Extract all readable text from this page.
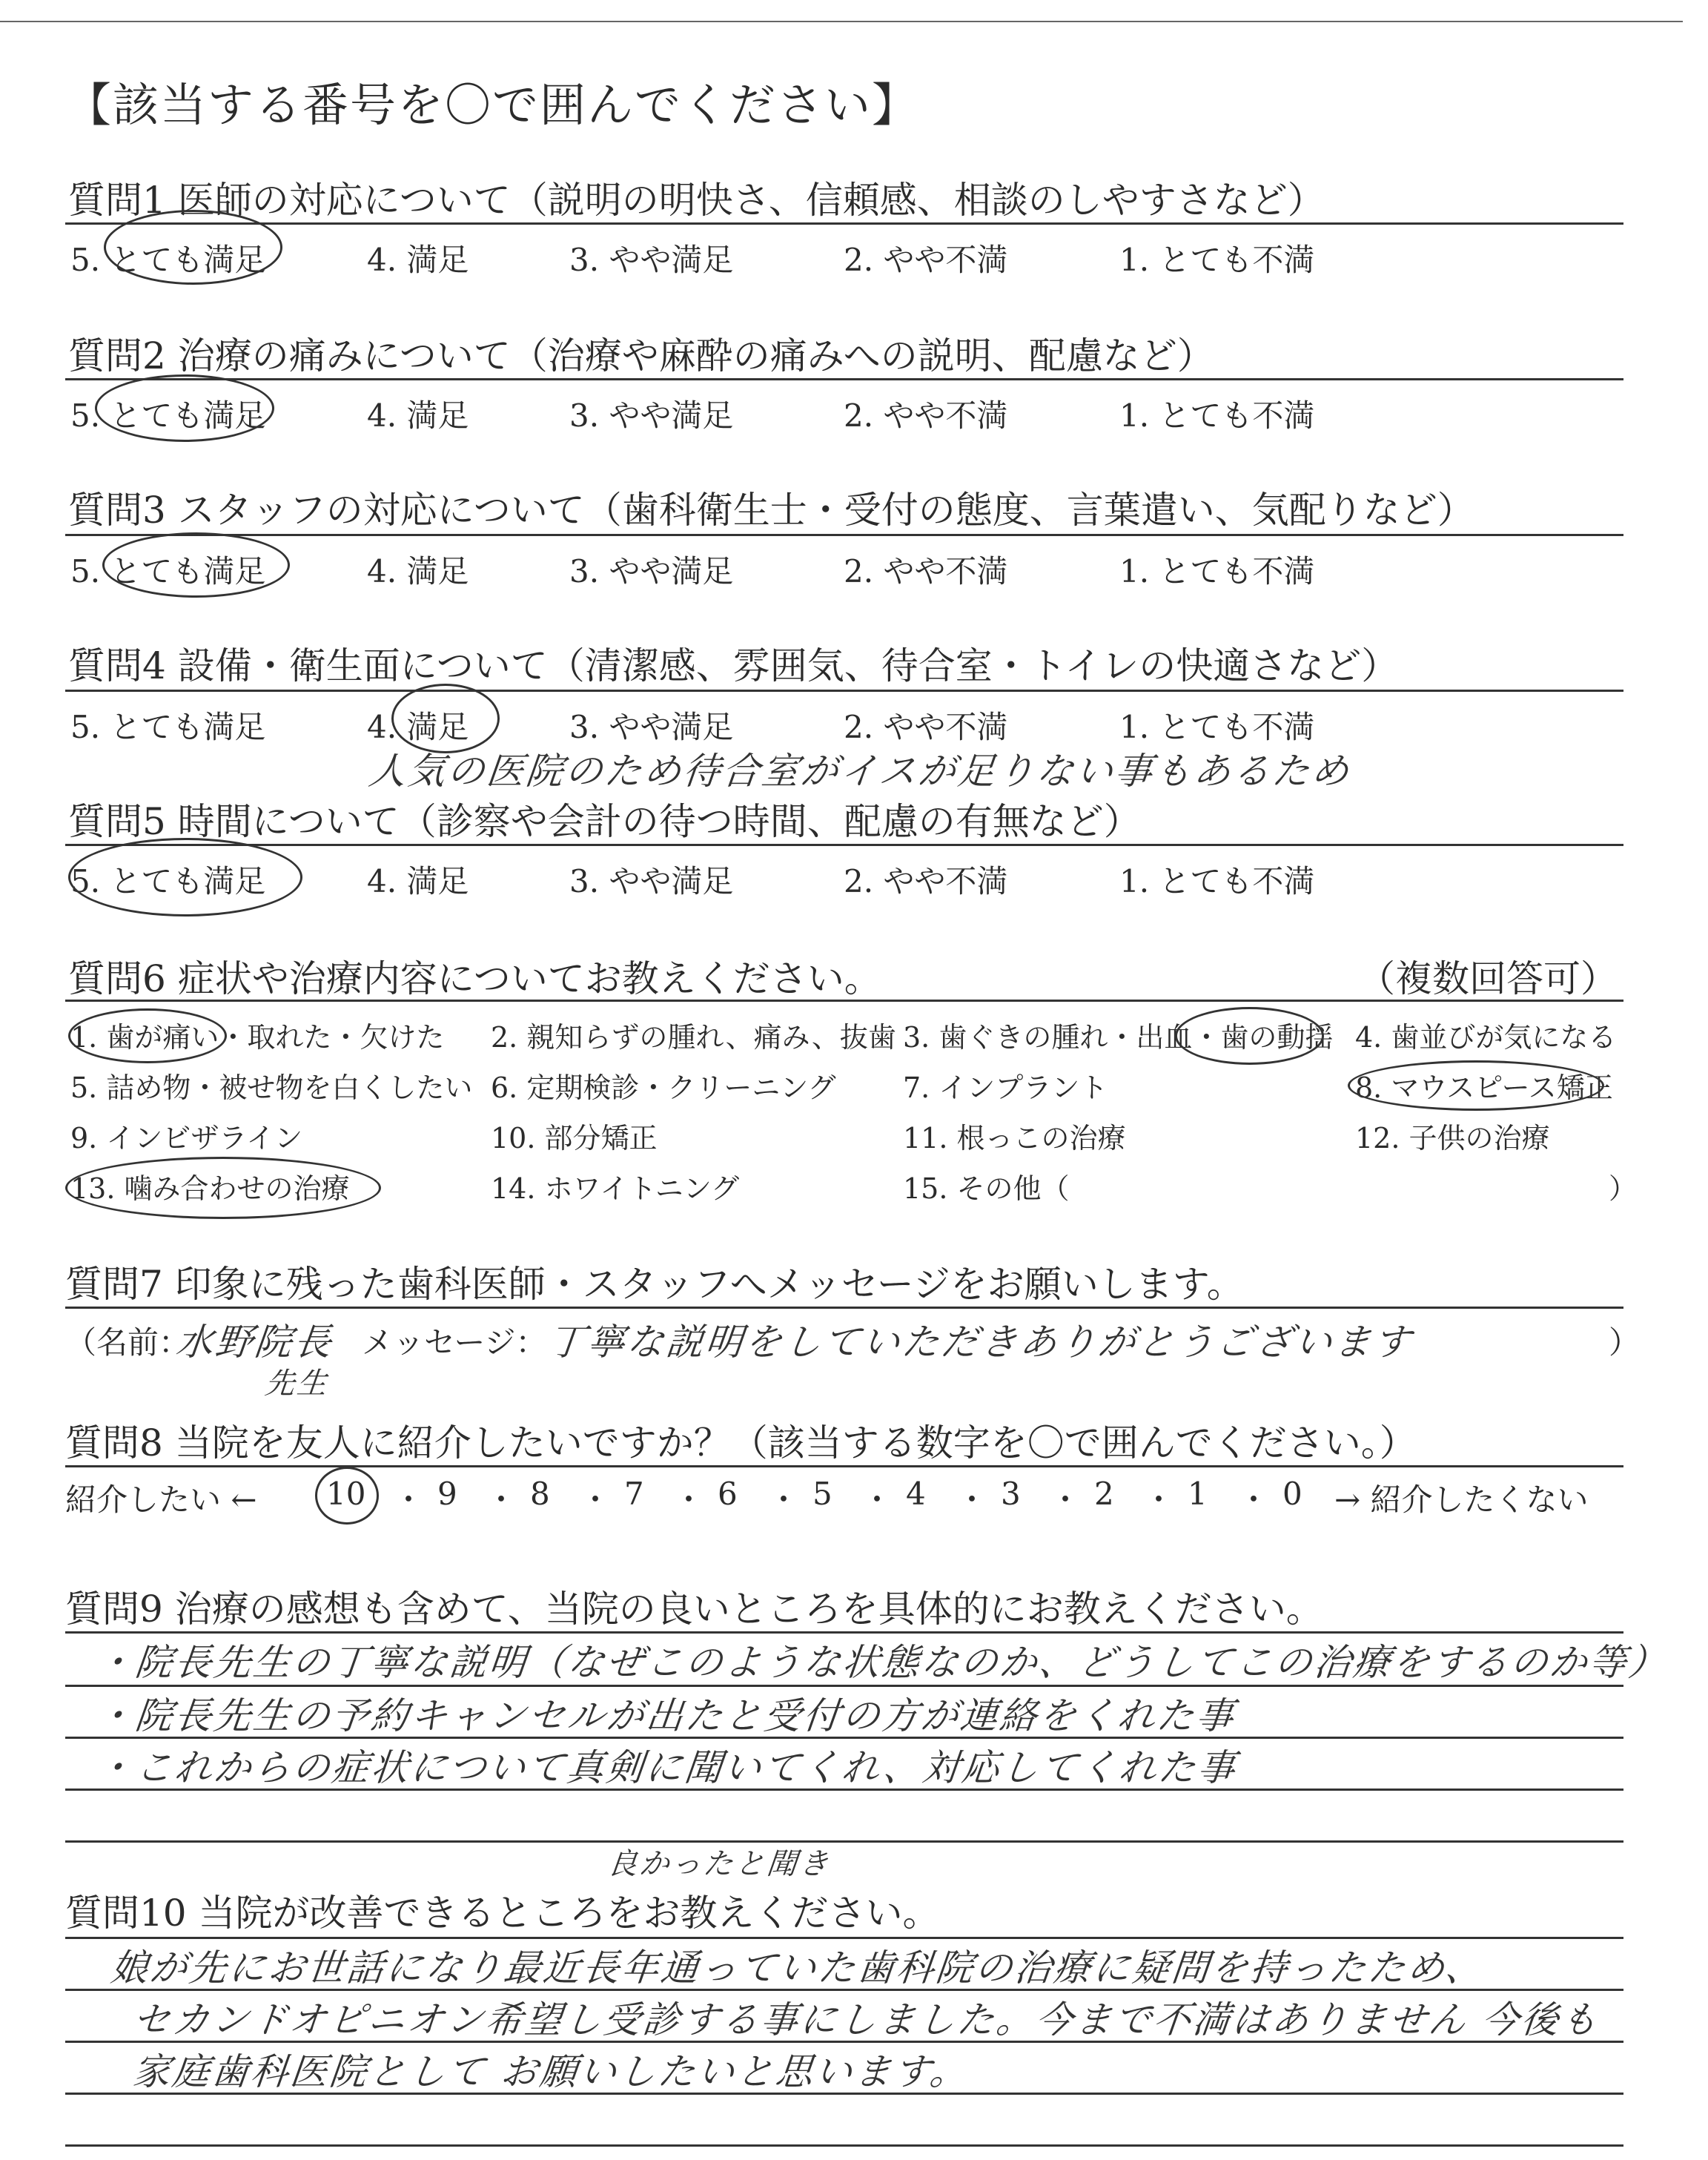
【該当する番号を〇で囲んでください】
質問1 医師の対応について（説明の明快さ、信頼感、相談のしやすさなど）
5. とても満足	4. 満足	3. やや満足	2. やや不満	1. とても不満
質問2 治療の痛みについて（治療や麻酔の痛みへの説明、配慮など）
5. とても満足	4. 満足	3. やや満足	2. やや不満	1. とても不満
質問3 スタッフの対応について（歯科衛生士・受付の態度、言葉遣い、気配りなど）
5. とても満足	4. 満足	3. やや満足	2. やや不満	1. とても不満
質問4 設備・衛生面について（清潔感、雰囲気、待合室・トイレの快適さなど）
5. とても満足	4. 満足	3. やや満足	2. やや不満	1. とても不満
人気の医院のため待合室がイスが足りない事もあるため
質問5 時間について（診察や会計の待つ時間、配慮の有無など）
5. とても満足	4. 満足	3. やや満足	2. やや不満	1. とても不満
質問6 症状や治療内容についてお教えください。	（複数回答可）
1. 歯が痛い・取れた・欠けた 2. 親知らずの腫れ、痛み、抜歯 3. 歯ぐきの腫れ・出血・歯の動揺 4. 歯並びが気になる
5. 詰め物・被せ物を白くしたい 6. 定期検診・クリーニング 7. インプラント	8. マウスピース矯正
9. インビザライン	10. 部分矯正	11. 根っこの治療	12. 子供の治療
13. 噛み合わせの治療	14. ホワイトニング	15. その他（	）
質問7 印象に残った歯科医師・スタッフへメッセージをお願いします。
（名前：
水野院長
先生
メッセージ： 丁寧な説明をしていただきありがとうございます	）
質問8 当院を友人に紹介したいですか？（該当する数字を〇で囲んでください。）
紹介したい ← 10 ・ 9 ・ 8 ・ 7 ・ 6 ・ 5 ・ 4 ・ 3 ・ 2 ・ 1 ・ 0 → 紹介したくない
質問9 治療の感想も含めて、当院の良いところを具体的にお教えください。
・院長先生の丁寧な説明（なぜこのような状態なのか、どうしてこの治療をするのか等）
・院長先生の予約キャンセルが出たと受付の方が連絡をくれた事
・これからの症状について真剣に聞いてくれ、対応してくれた事
良かったと聞き
質問10 当院が改善できるところをお教えください。
娘が先にお世話になり最近長年通っていた歯科院の治療に疑問を持ったため、
セカンドオピニオン希望し受診する事にしました。今まで不満はありません 今後も
家庭歯科医院として お願いしたいと思います。
